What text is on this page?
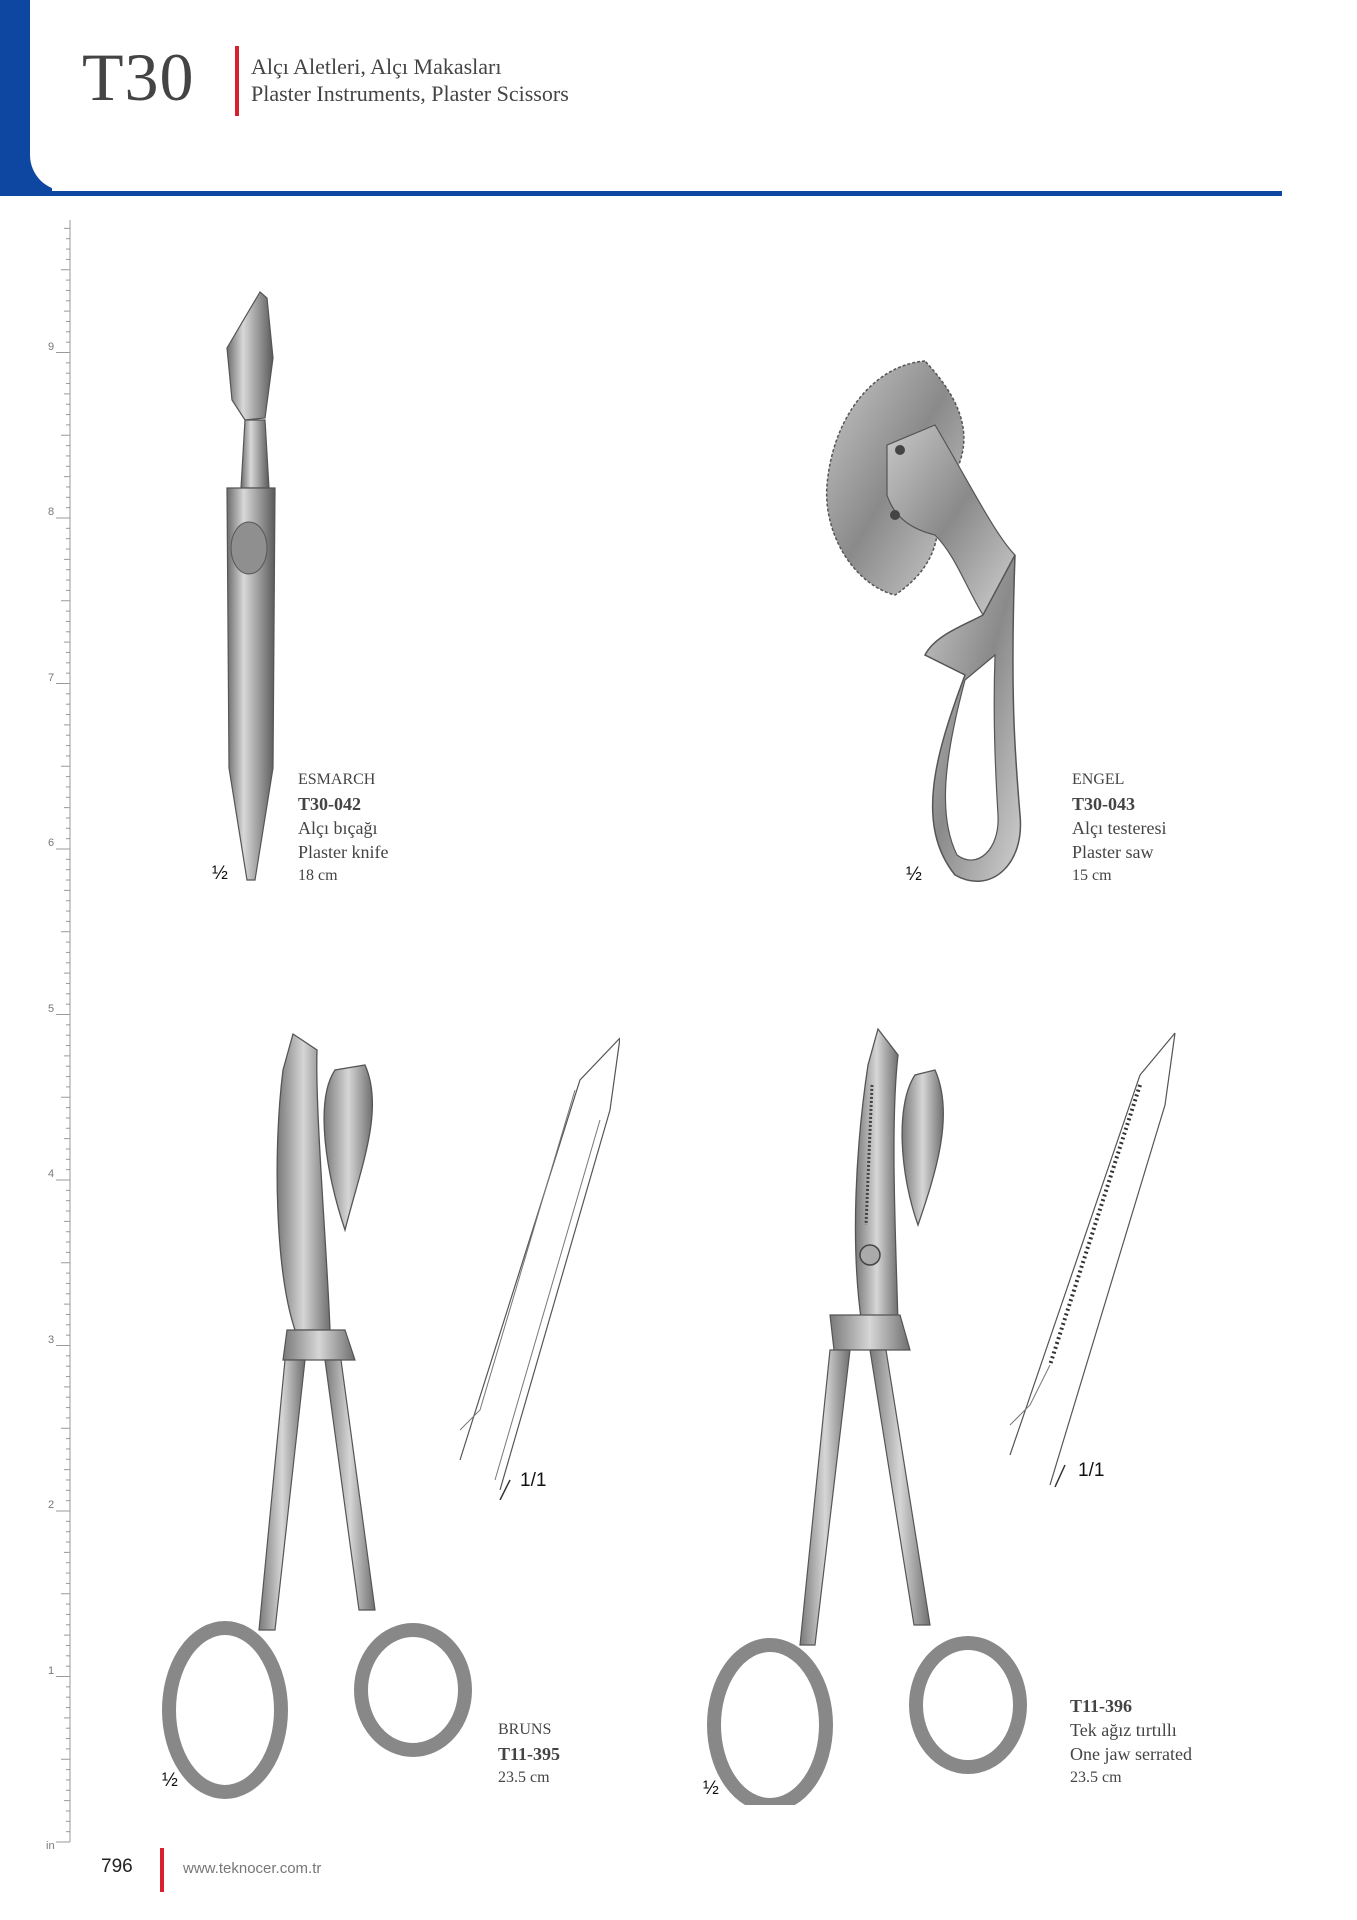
T30	Alçı Aletleri, Alçı Makasları
Plaster Instruments, Plaster Scissors
9
8
7
6
5
4
3
2
1
in
½
ESMARCH
T30-042
Alçı bıçağı
Plaster knife
18 cm	½
ENGEL
T30-043
Alçı testeresi
Plaster saw
15 cm
1/1
½
BRUNS
T11-395
23.5 cm
1/1
½
T11-396
Tek ağız tırtıllı
One jaw serrated
23.5 cm
796	www.teknocer.com.tr
